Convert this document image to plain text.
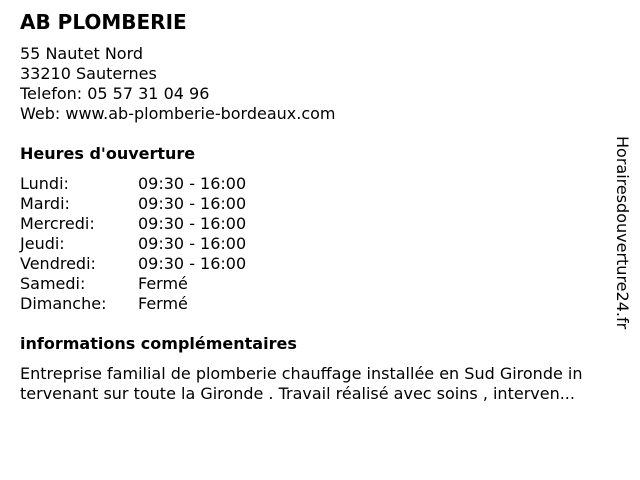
AB PLOMBERIE
55 Nautet Nord
33210 Sauternes
Telefon: 05 57 31 04 96
Web: www.ab-plomberie-bordeaux.com
Heures d'ouverture
Lundi:	09:30 - 16:00
Mardi:	09:30 - 16:00
Mercredi:	09:30 - 16:00
Jeudi:	09:30 - 16:00
Vendredi:	09:30 - 16:00
Samedi:	Fermé
Dimanche:	Fermé
informations complémentaires
Entreprise familial de plomberie chauffage installée en Sud Gironde in
tervenant sur toute la Gironde . Travail réalisé avec soins , interven...
Horairesdouverture24.fr
